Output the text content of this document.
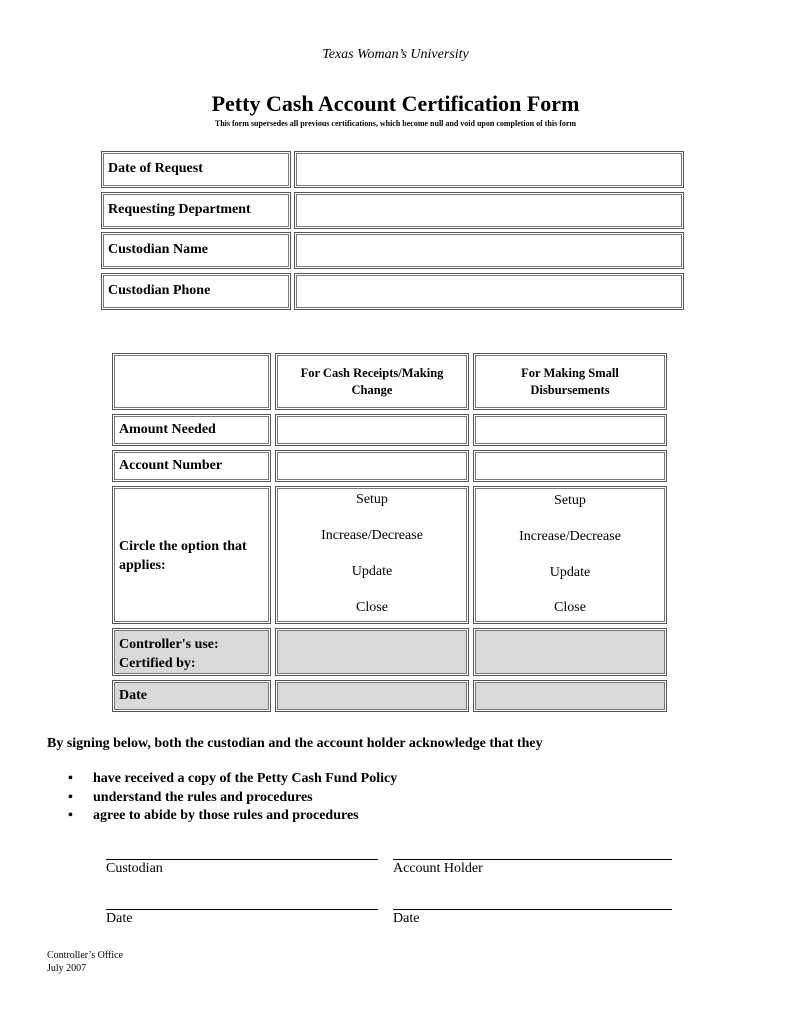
Texas Woman’s University
Petty Cash Account Certification Form
This form supersedes all previous certifications, which become null and void upon completion of this form
Date of Request
Requesting Department
Custodian Name
Custodian Phone
For Cash Receipts/Making Change
For Making Small Disbursements
Amount Needed
Account Number
Circle the option that applies:
Setup
Increase/Decrease
Update
Close
Setup
Increase/Decrease
Update
Close
Controller's use:
Certified by:
Date
By signing below, both the custodian and the account holder acknowledge that they
• have received a copy of the Petty Cash Fund Policy
• understand the rules and procedures
• agree to abide by those rules and procedures
Custodian	Account Holder
Date	Date
Controller’s Office
July 2007
